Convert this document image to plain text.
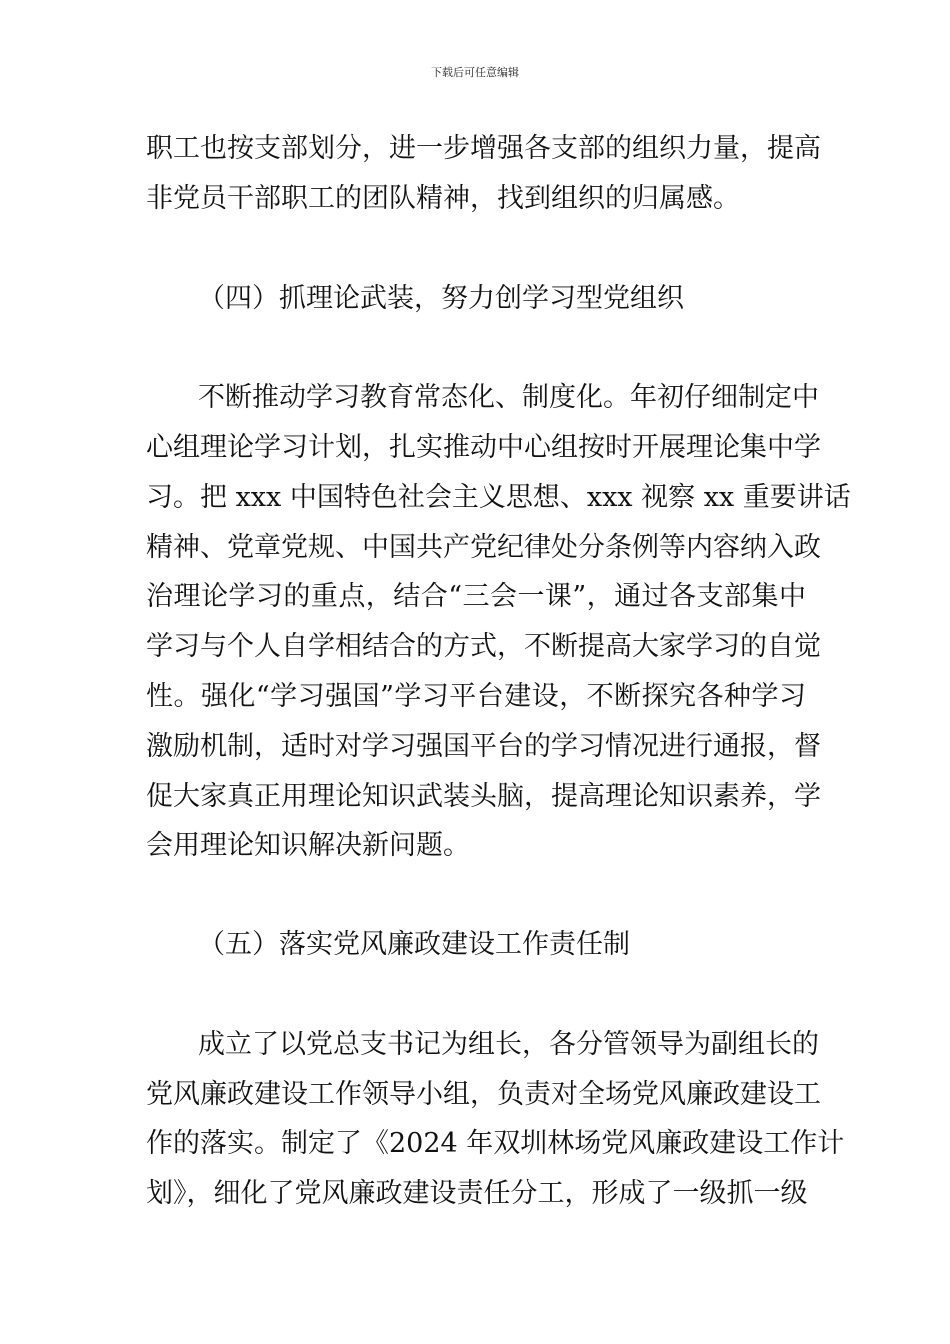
下载后可任意编辑
职工也按支部划分，进一步增强各支部的组织力量，提高
非党员干部职工的团队精神，找到组织的归属感。
（四）抓理论武装，努力创学习型党组织
不断推动学习教育常态化、制度化。年初仔细制定中
心组理论学习计划，扎实推动中心组按时开展理论集中学
习。把 xxx 中国特色社会主义思想、xxx 视察 xx 重要讲话
精神、党章党规、中国共产党纪律处分条例等内容纳入政
治理论学习的重点，结合“三会一课”，通过各支部集中
学习与个人自学相结合的方式，不断提高大家学习的自觉
性。强化“学习强国”学习平台建设，不断探究各种学习
激励机制，适时对学习强国平台的学习情况进行通报，督
促大家真正用理论知识武装头脑，提高理论知识素养，学
会用理论知识解决新问题。
（五）落实党风廉政建设工作责任制
成立了以党总支书记为组长，各分管领导为副组长的
党风廉政建设工作领导小组，负责对全场党风廉政建设工
作的落实。制定了《2024 年双圳林场党风廉政建设工作计
划》，细化了党风廉政建设责任分工，形成了一级抓一级
